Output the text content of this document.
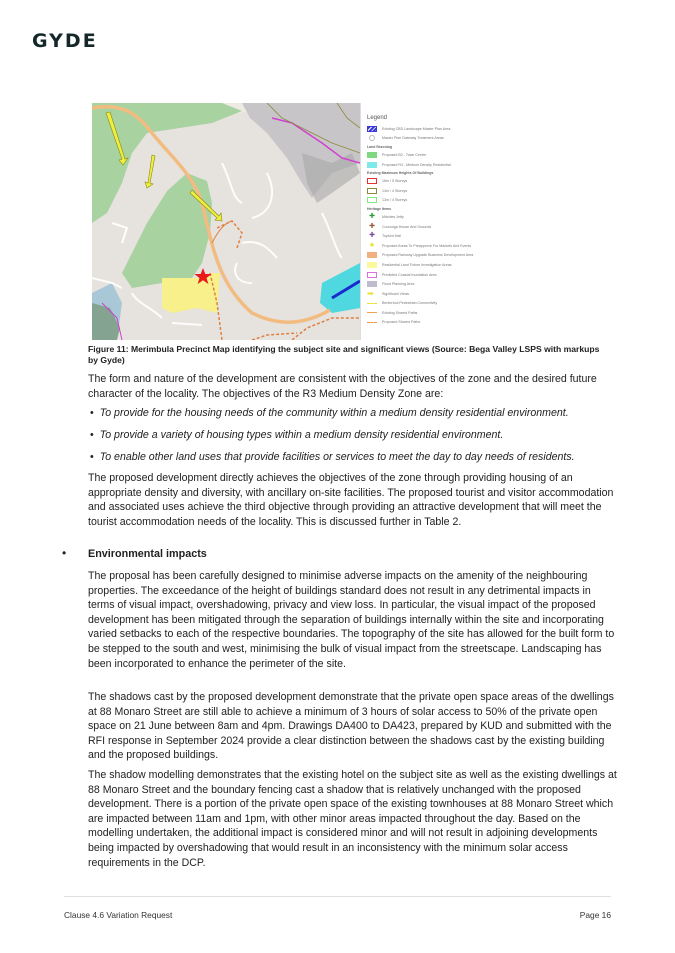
GYDE
Legend
Existing CBD Landscape Master Plan Area
Master Plan Gateway Treatment Areas
Land Rezoning
Proposed B2 - Town Centre
Proposed R3 - Medium Density Residential
Existing Maximum Heights Of Buildings
16m / 5 Storeys
14m / 4 Storeys
13m / 4 Storeys
Heritage Items
✚	Mitchies Jetty
✚	Courunga House And Grounds
✚	Toyford Hall
★	Proposed Areas To Preapprove For Markets And Events
Proposed Ramway Upgrade Business Development Area
Residential Land Future Investigation Areas
Predicted Coastal Inundation Area
Flood Planning Area
➡	Significant Views
Bentertool Pedestrian Connectivity
Existing Shared Paths
Proposed Shared Paths
Figure 11: Merimbula Precinct Map identifying the subject site and significant views (Source: Bega Valley LSPS with markups by Gyde)
The form and nature of the development are consistent with the objectives of the zone and the desired future character of the locality. The objectives of the R3 Medium Density Zone are:
• To provide for the housing needs of the community within a medium density residential environment.
• To provide a variety of housing types within a medium density residential environment.
• To enable other land uses that provide facilities or services to meet the day to day needs of residents.
The proposed development directly achieves the objectives of the zone through providing housing of an appropriate density and diversity, with ancillary on-site facilities. The proposed tourist and visitor accommodation and associated uses achieve the third objective through providing an attractive development that will meet the tourist accommodation needs of the locality. This is discussed further in Table 2.
• Environmental impacts
The proposal has been carefully designed to minimise adverse impacts on the amenity of the neighbouring properties. The exceedance of the height of buildings standard does not result in any detrimental impacts in terms of visual impact, overshadowing, privacy and view loss. In particular, the visual impact of the proposed development has been mitigated through the separation of buildings internally within the site and incorporating varied setbacks to each of the respective boundaries. The topography of the site has allowed for the built form to be stepped to the south and west, minimising the bulk of visual impact from the streetscape. Landscaping has been incorporated to enhance the perimeter of the site.
The shadows cast by the proposed development demonstrate that the private open space areas of the dwellings at 88 Monaro Street are still able to achieve a minimum of 3 hours of solar access to 50% of the private open space on 21 June between 8am and 4pm. Drawings DA400 to DA423, prepared by KUD and submitted with the RFI response in September 2024 provide a clear distinction between the shadows cast by the existing building and the proposed buildings.
The shadow modelling demonstrates that the existing hotel on the subject site as well as the existing dwellings at 88 Monaro Street and the boundary fencing cast a shadow that is relatively unchanged with the proposed development. There is a portion of the private open space of the existing townhouses at 88 Monaro Street which are impacted between 11am and 1pm, with other minor areas impacted throughout the day. Based on the modelling undertaken, the additional impact is considered minor and will not result in adjoining developments being impacted by overshadowing that would result in an inconsistency with the minimum solar access requirements in the DCP.
Clause 4.6 Variation Request	Page 16
